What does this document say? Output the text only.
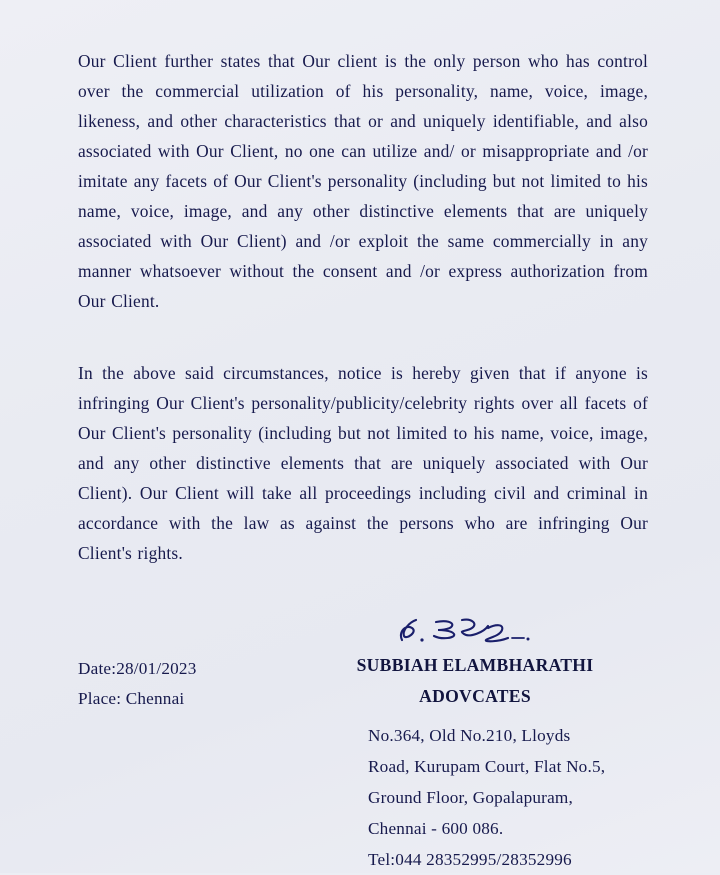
Our Client further states that Our client is the only person who has control over the commercial utilization of his personality, name, voice, image, likeness, and other characteristics that or and uniquely identifiable, and also associated with Our Client, no one can utilize and/ or misappropriate and /or imitate any facets of Our Client's personality (including but not limited to his name, voice, image, and any other distinctive elements that are uniquely associated with Our Client) and /or exploit the same commercially in any manner whatsoever without the consent and /or express authorization from Our Client.

In the above said circumstances, notice is hereby given that if anyone is infringing Our Client's personality/publicity/celebrity rights over all facets of Our Client's personality (including but not limited to his name, voice, image, and any other distinctive elements that are uniquely associated with Our Client). Our Client will take all proceedings including civil and criminal in accordance with the law as against the persons who are infringing Our Client's rights.

Date:28/01/2023
Place: Chennai
SUBBIAH ELAMBHARATHI
ADOVCATES
No.364, Old No.210, Lloyds
Road, Kurupam Court, Flat No.5,
Ground Floor, Gopalapuram,
Chennai - 600 086.
Tel:044 28352995/28352996
